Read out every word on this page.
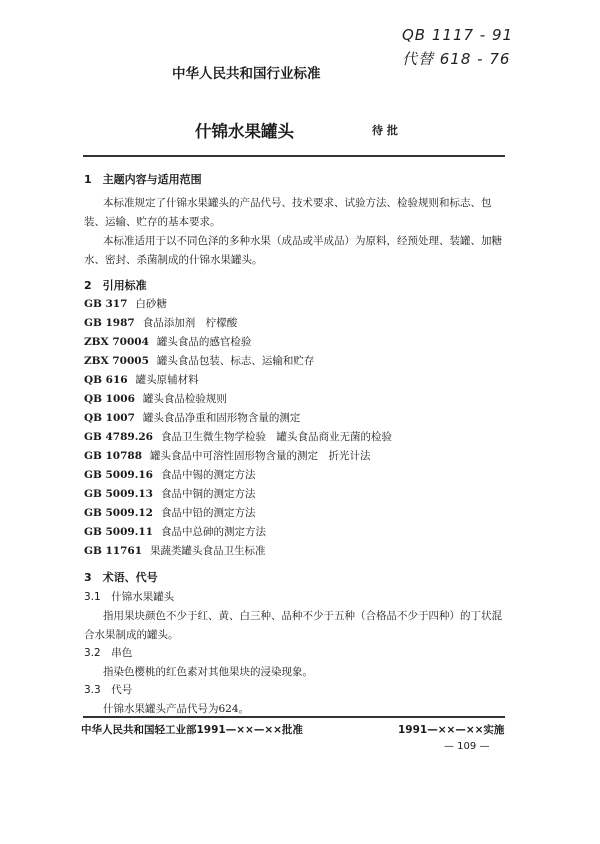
QB 1117 - 91
代替 618 - 76
中华人民共和国行业标准
什锦水果罐头	待 批
1　主题内容与适用范围
本标准规定了什锦水果罐头的产品代号、技术要求、试验方法、检验规则和标志、包
装、运输、贮存的基本要求。
本标准适用于以不同色泽的多种水果（成品或半成品）为原料，经预处理、装罐、加糖
水、密封、杀菌制成的什锦水果罐头。
2　引用标准
GB 317 白砂糖
GB 1987 食品添加剂　柠檬酸
ZBX 70004 罐头食品的感官检验
ZBX 70005 罐头食品包装、标志、运输和贮存
QB 616 罐头原辅材料
QB 1006 罐头食品检验规则
QB 1007 罐头食品净重和固形物含量的测定
GB 4789.26 食品卫生微生物学检验　罐头食品商业无菌的检验
GB 10788 罐头食品中可溶性固形物含量的测定　折光计法
GB 5009.16 食品中锡的测定方法
GB 5009.13 食品中铜的测定方法
GB 5009.12 食品中铅的测定方法
GB 5009.11 食品中总砷的测定方法
GB 11761 果蔬类罐头食品卫生标准
3　术语、代号
3.1　什锦水果罐头
指用果块颜色不少于红、黄、白三种、品种不少于五种（合格品不少于四种）的丁状混
合水果制成的罐头。
3.2　串色
指染色樱桃的红色素对其他果块的浸染现象。
3.3　代号
什锦水果罐头产品代号为624。
中华人民共和国轻工业部1991—××—××批准	1991—××—××实施
— 109 —
